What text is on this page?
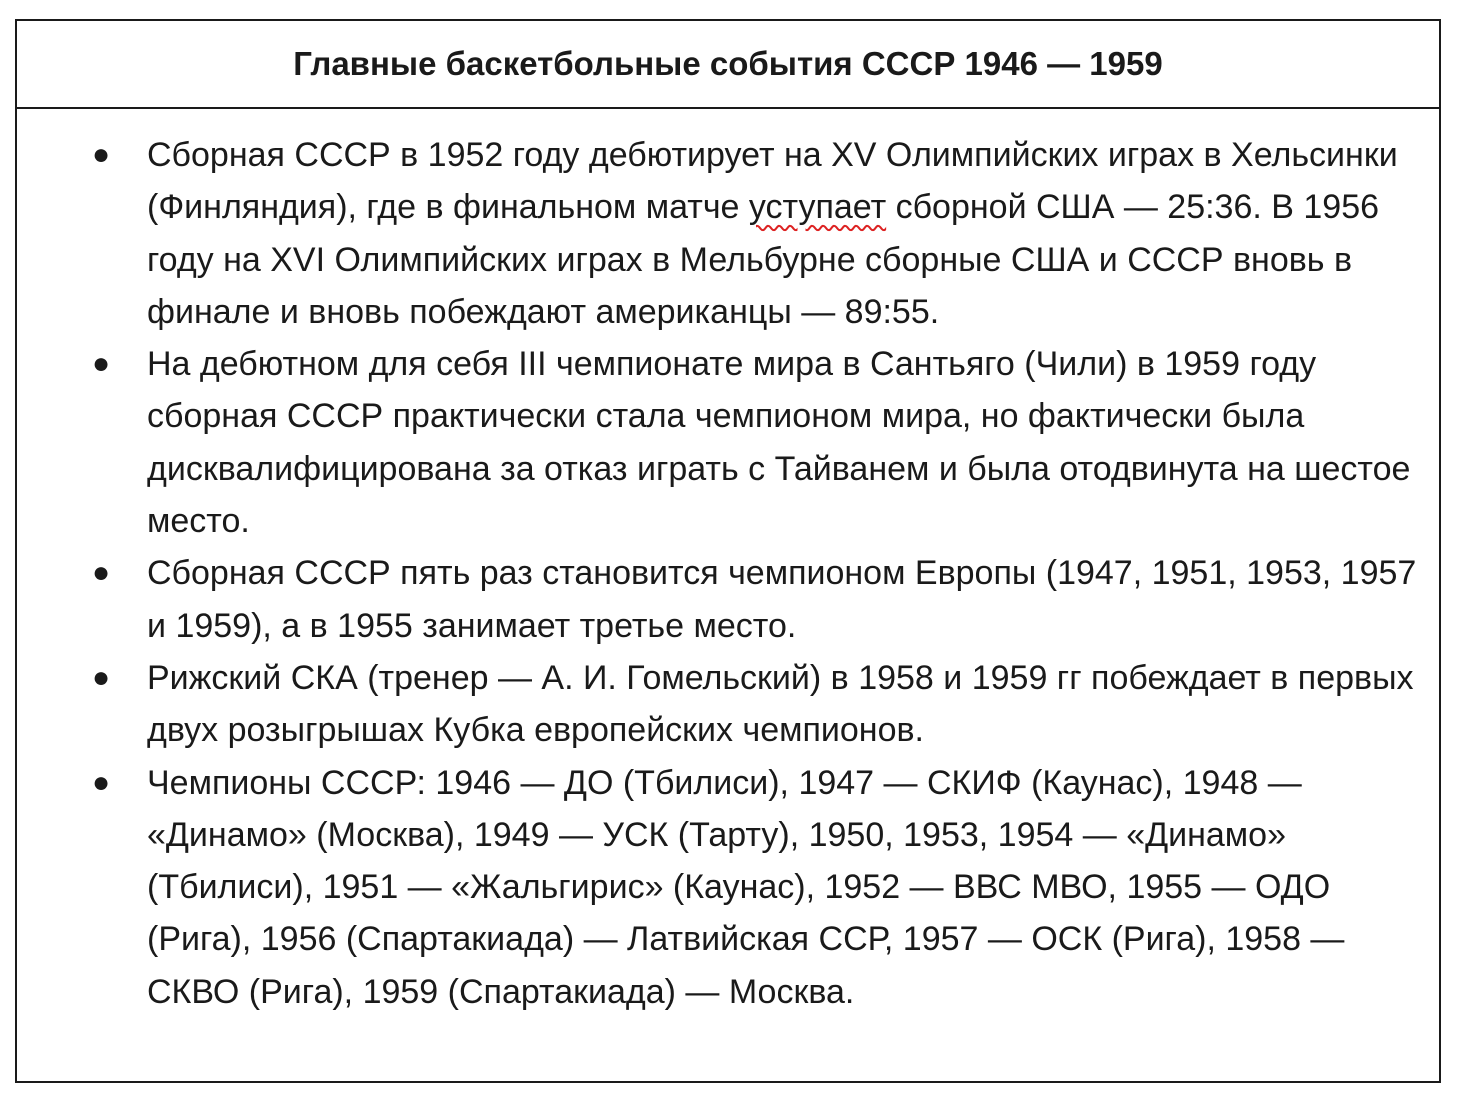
Главные баскетбольные события СССР 1946 — 1959
● Сборная СССР в 1952 году дебютирует на XV Олимпийских играх в Хельсинки (Финляндия), где в финальном матче уступает сборной США — 25:36. В 1956 году на XVI Олимпийских играх в Мельбурне сборные США и СССР вновь в финале и вновь побеждают американцы — 89:55.
● На дебютном для себя III чемпионате мира в Сантьяго (Чили) в 1959 году сборная СССР практически стала чемпионом мира, но фактически была дисквалифицирована за отказ играть с Тайванем и была отодвинута на шестое место.
● Сборная СССР пять раз становится чемпионом Европы (1947, 1951, 1953, 1957 и 1959), а в 1955 занимает третье место.
● Рижский СКА (тренер — А. И. Гомельский) в 1958 и 1959 гг побеждает в первых двух розыгрышах Кубка европейских чемпионов.
● Чемпионы СССР: 1946 — ДО (Тбилиси), 1947 — СКИФ (Каунас), 1948 — «Динамо» (Москва), 1949 — УСК (Тарту), 1950, 1953, 1954 — «Динамо» (Тбилиси), 1951 — «Жальгирис» (Каунас), 1952 — ВВС МВО, 1955 — ОДО (Рига), 1956 (Спартакиада) — Латвийская ССР, 1957 — ОСК (Рига), 1958 — СКВО (Рига), 1959 (Спартакиада) — Москва.
